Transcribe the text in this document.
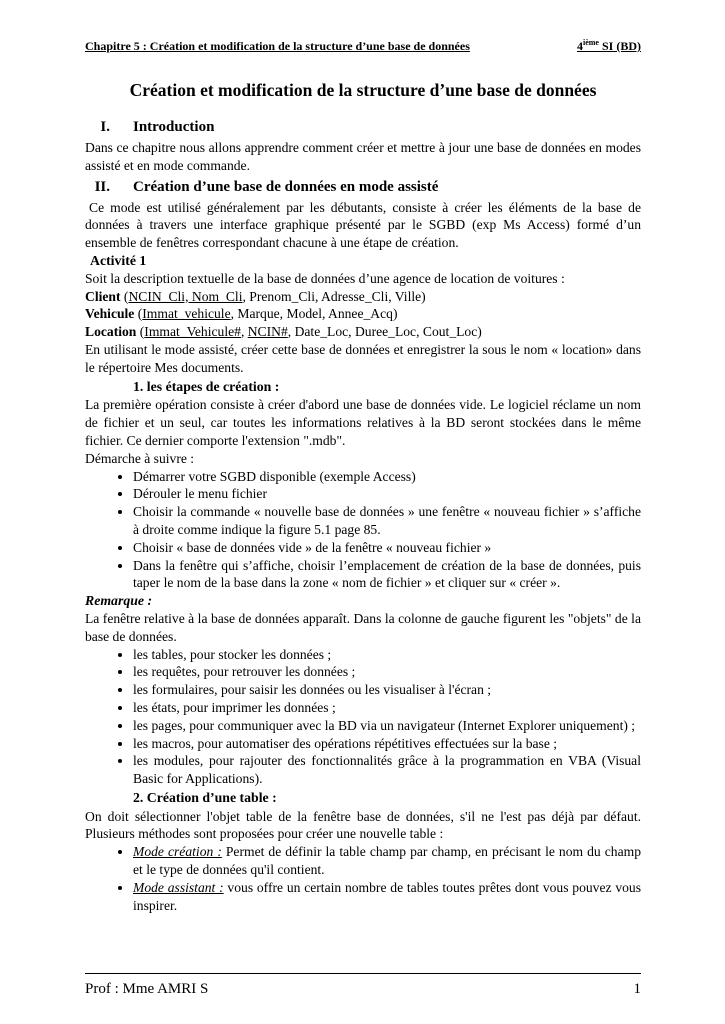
Chapitre 5 : Création et modification de la structure d’une base de données	4ième SI (BD)
Création et modification de la structure d’une base de données
I. Introduction

Dans ce chapitre nous allons apprendre comment créer et mettre à jour une base de données en modes assisté et en mode commande.

II. Création d’une base de données en mode assisté

Ce mode est utilisé généralement par les débutants, consiste à créer les éléments de la base de données à travers une interface graphique présenté par le SGBD (exp Ms Access) formé d’un ensemble de fenêtres correspondant chacune à une étape de création.

Activité 1

Soit la description textuelle de la base de données d’une agence de location de voitures :

Client (NCIN_Cli, Nom_Cli, Prenom_Cli, Adresse_Cli, Ville)

Vehicule (Immat_vehicule, Marque, Model, Annee_Acq)

Location (Immat_Vehicule#, NCIN#, Date_Loc, Duree_Loc, Cout_Loc)

En utilisant le mode assisté, créer cette base de données et enregistrer la sous le nom « location» dans le répertoire Mes documents.

1. les étapes de création :

La première opération consiste à créer d'abord une base de données vide. Le logiciel réclame un nom de fichier et un seul, car toutes les informations relatives à la BD seront stockées dans le même fichier. Ce dernier comporte l'extension ".mdb".

Démarche à suivre :

• Démarrer votre SGBD disponible (exemple Access)
• Dérouler le menu fichier
• Choisir la commande « nouvelle base de données » une fenêtre « nouveau fichier » s’affiche à droite comme indique la figure 5.1 page 85.
• Choisir « base de données vide » de la fenêtre « nouveau fichier »
• Dans la fenêtre qui s’affiche, choisir l’emplacement de création de la base de données, puis taper le nom de la base dans la zone « nom de fichier » et cliquer sur « créer ».
Remarque :

La fenêtre relative à la base de données apparaît. Dans la colonne de gauche figurent les "objets" de la base de données.

• les tables, pour stocker les données ;
• les requêtes, pour retrouver les données ;
• les formulaires, pour saisir les données ou les visualiser à l'écran ;
• les états, pour imprimer les données ;
• les pages, pour communiquer avec la BD via un navigateur (Internet Explorer uniquement) ;
• les macros, pour automatiser des opérations répétitives effectuées sur la base ;
• les modules, pour rajouter des fonctionnalités grâce à la programmation en VBA (Visual Basic for Applications).
2. Création d’une table :

On doit sélectionner l'objet table de la fenêtre base de données, s'il ne l'est pas déjà par défaut. Plusieurs méthodes sont proposées pour créer une nouvelle table :

• Mode création : Permet de définir la table champ par champ, en précisant le nom du champ et le type de données qu'il contient.
• Mode assistant : vous offre un certain nombre de tables toutes prêtes dont vous pouvez vous inspirer.
Prof : Mme AMRI S	1
